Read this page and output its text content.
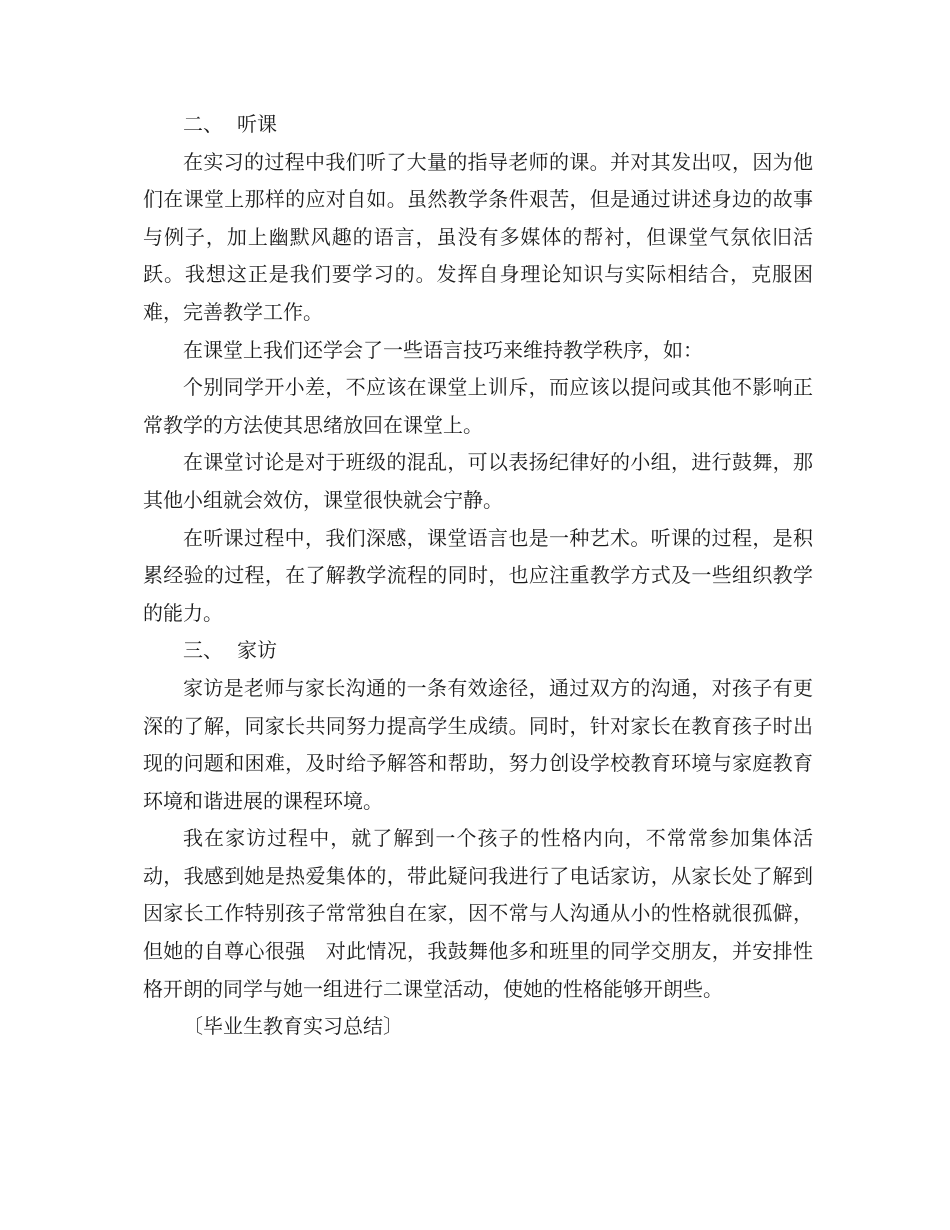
二、 听课

在实习的过程中我们听了大量的指导老师的课。并对其发出叹，因为他们在课堂上那样的应对自如。虽然教学条件艰苦，但是通过讲述身边的故事与例子，加上幽默风趣的语言，虽没有多媒体的帮衬，但课堂气氛依旧活跃。我想这正是我们要学习的。发挥自身理论知识与实际相结合，克服困难，完善教学工作。

在课堂上我们还学会了一些语言技巧来维持教学秩序，如：

个别同学开小差，不应该在课堂上训斥，而应该以提问或其他不影响正常教学的方法使其思绪放回在课堂上。

在课堂讨论是对于班级的混乱，可以表扬纪律好的小组，进行鼓舞，那其他小组就会效仿，课堂很快就会宁静。

在听课过程中，我们深感，课堂语言也是一种艺术。听课的过程，是积累经验的过程，在了解教学流程的同时，也应注重教学方式及一些组织教学的能力。

三、 家访

家访是老师与家长沟通的一条有效途径，通过双方的沟通，对孩子有更深的了解，同家长共同努力提高学生成绩。同时，针对家长在教育孩子时出现的问题和困难，及时给予解答和帮助，努力创设学校教育环境与家庭教育环境和谐进展的课程环境。

我在家访过程中，就了解到一个孩子的性格内向，不常常参加集体活动，我感到她是热爱集体的，带此疑问我进行了电话家访，从家长处了解到因家长工作特别孩子常常独自在家，因不常与人沟通从小的性格就很孤僻，但她的自尊心很强　对此情况，我鼓舞他多和班里的同学交朋友，并安排性格开朗的同学与她一组进行二课堂活动，使她的性格能够开朗些。

〔毕业生教育实习总结〕
